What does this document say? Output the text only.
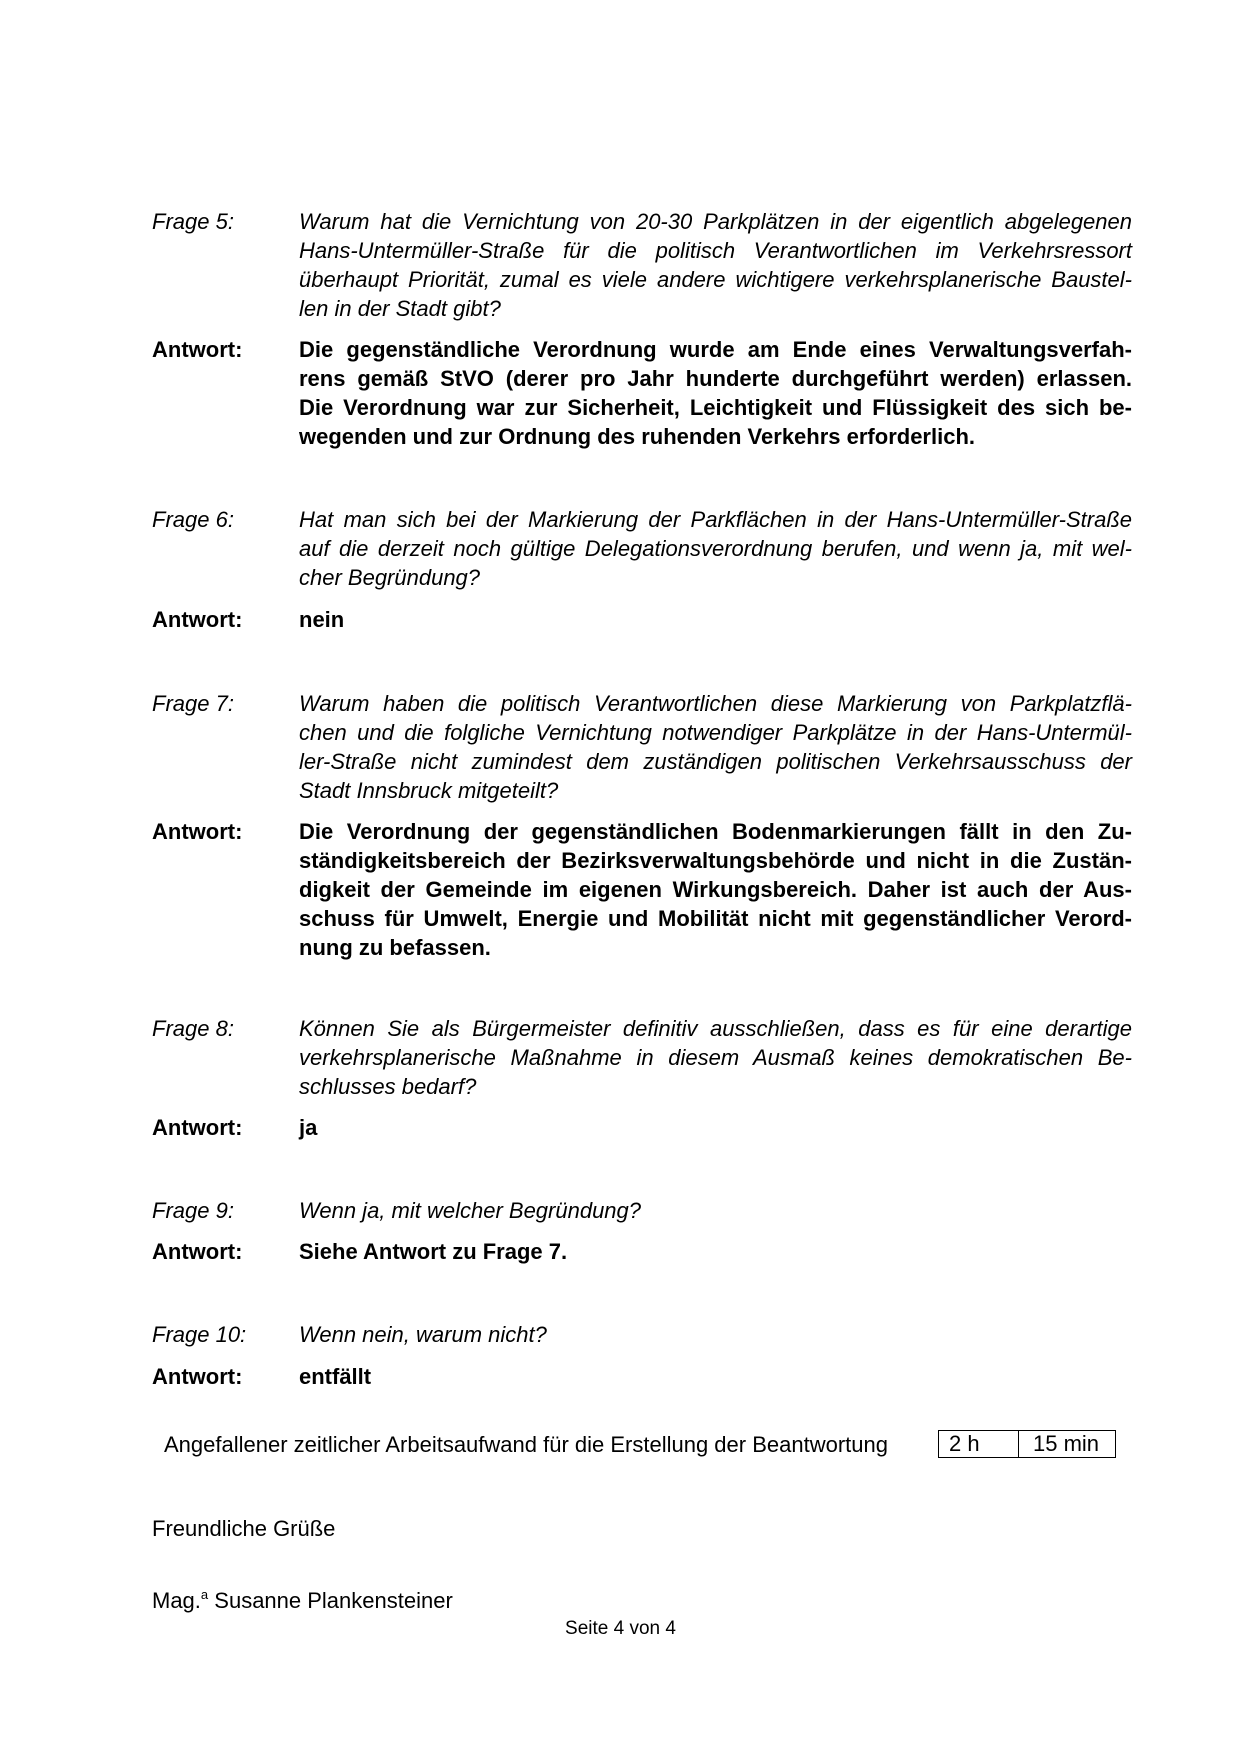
Frage 5:	Warum hat die Vernichtung von 20-30 Parkplätzen in der eigentlich abgelegenen
Hans-Untermüller-Straße für die politisch Verantwortlichen im Verkehrsressort
überhaupt Priorität, zumal es viele andere wichtigere verkehrsplanerische Baustel-
len in der Stadt gibt?
Antwort:	Die gegenständliche Verordnung wurde am Ende eines Verwaltungsverfah-
rens gemäß StVO (derer pro Jahr hunderte durchgeführt werden) erlassen.
Die Verordnung war zur Sicherheit, Leichtigkeit und Flüssigkeit des sich be-
wegenden und zur Ordnung des ruhenden Verkehrs erforderlich.
Frage 6:	Hat man sich bei der Markierung der Parkflächen in der Hans-Untermüller-Straße
auf die derzeit noch gültige Delegationsverordnung berufen, und wenn ja, mit wel-
cher Begründung?
Antwort:	nein
Frage 7:	Warum haben die politisch Verantwortlichen diese Markierung von Parkplatzflä-
chen und die folgliche Vernichtung notwendiger Parkplätze in der Hans-Untermül-
ler-Straße nicht zumindest dem zuständigen politischen Verkehrsausschuss der
Stadt Innsbruck mitgeteilt?
Antwort:	Die Verordnung der gegenständlichen Bodenmarkierungen fällt in den Zu-
ständigkeitsbereich der Bezirksverwaltungsbehörde und nicht in die Zustän-
digkeit der Gemeinde im eigenen Wirkungsbereich. Daher ist auch der Aus-
schuss für Umwelt, Energie und Mobilität nicht mit gegenständlicher Verord-
nung zu befassen.
Frage 8:	Können Sie als Bürgermeister definitiv ausschließen, dass es für eine derartige
verkehrsplanerische Maßnahme in diesem Ausmaß keines demokratischen Be-
schlusses bedarf?
Antwort:	ja
Frage 9:	Wenn ja, mit welcher Begründung?
Antwort:	Siehe Antwort zu Frage 7.
Frage 10:	Wenn nein, warum nicht?
Antwort:	entfällt
Angefallener zeitlicher Arbeitsaufwand für die Erstellung der Beantwortung	2 h	15 min
Freundliche Grüße
Mag.$^a$ Susanne Plankensteiner
Seite 4 von 4
